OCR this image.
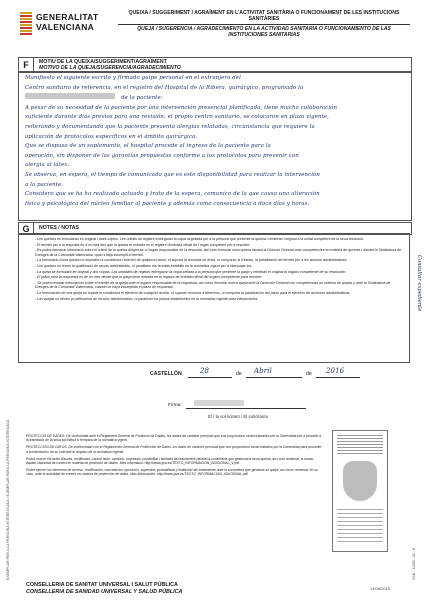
GENERALITAT
VALENCIANA
QUEIXA / SUGGERIMENT / AGRAÏMENT EN L'ACTIVITAT SANITÀRIA O FUNCIONAMENT DE LES INSTITUCIONS SANITÀRIES
QUEJA / SUGERENCIA / AGRADECIMIENTO EN LA ACTIVIDAD SANITARIA O FUNCIONAMIENTO DE LAS INSTITUCIONES SANITARIAS
F	MOTIU DE LA QUEIXA/SUGGERIMENT/AGRAÏMENT
MOTIVO DE LA QUEJA/SUGERENCIA/AGRADECIMIENTO
Manifiesto el siguiente escrito y firmado guipe personal en el extranjero del
Centro sanitario de referencia, en el registro del Hospital de la Ribera, quirúrgico, programado la
de la paciente:
A pesar de su necesidad de la paciente por una intervención presencial planificada, tiene mucha colaboración
suficiente durante días previos para una revisión, el propio centro sanitario, se colocaron en plazo vigente,
reiterando y documentando que la paciente presenta alergias relatadas, circunstancia que requiere la
aplicación de protocolos específicos en el ámbito quirúrgico.
Que se dispuso de un suplemento, el hospital procede al ingreso de la paciente para la
operación, sin disponer de las garantías propuestas conforme a los protocolos para prevenir con
alergia al látex.
Se observa, en espera, el tiempo de comunicado que es este disponibilidad para realizar la intervención
a la paciente.
Considero que se ha ha realizado actuado y trato de la espera, comunico de la que causa una alteración
física y psicológica del núcleo familiar al paciente y además como consecuencia a doce días y horas.
G	NOTES / NOTAS

- Les queixes es formularan en original i dues còpies. Les unitats de registre entregaran la còpia segellada per a la persona que presente la queixa i remetran l'original a la unitat competent de la seua resolució.

- El termini per a la resposta és d'un mes des que la queixa té entrada en el registre d'entrada oficial de l'òrgan competent per a resoldre.

- Es podrà demanar informació sobre el tràmit de la queixa dirigint-se a l'òrgan responsable de la resposta, així com formular nova queixa davant la Direcció General amb competències en matèria de queixes i davant la Sindicatura de Greuges de la Comunitat Valenciana, quan s'haja incomplit el termini.

- La formulació d'una queixa no impedeix ni condiciona l'exercici de qualsevol acció, ni suposa la renúncia de drets, ni comporta, si s'escau, la paralització del termini per a les accions administratives.

- Les queixes no tenen la qualificació de recurs administratiu, ni paralitzen els terminis establits en la normativa vigent per a interposar-los.

- La queja se formulará en original y dos copias. Las unidades de registro entregarán la copia sellada a la persona que presente la queja y remitirán el original al órgano competente de su resolución.

- El plazo para la respuesta es de un mes desde que la queja tiene entrada en el registro de entrada oficial del órgano competente para resolver.

- Se podrá recabar información sobre el trámite de la queja ante el órgano responsable de la respuesta, así como formular nueva queja ante la Dirección General con competencias en materia de quejas y ante la Sindicatura de Greuges de la Comunitat Valenciana, cuando se haya incumplido el plazo de respuesta.

- La formulación de una queja no impide ni condiciona el ejercicio de cualquier acción, ni supone renuncia a derechos, ni comporta la paralización del plazo para el ejercicio de acciones administrativas.

- Las quejas no tienen la calificación de recurso administrativo, ni paralizan los plazos establecidos en la normativa vigente para interponerlos.

CASTELLÓN	28	de Abril	de 2016
Firma:
El / la sol·licitant / El solicitante

PROTECCIÓ DE DADES. De conformitat amb el Reglament General de Protecció de Dades, les dades de caràcter personal que ens proporcione seran tractades per la Generalitat per a procedir a la tramitació de la seua sol·licitud a l'empara de la normativa vigent.

PROTECCIÓN DE DATOS. De conformidad con el Reglamento General de Protección de Datos, los datos de carácter personal que nos proporcione serán tratados por la Generalitat para proceder a la tramitación de su solicitud al amparo de la normativa vigente.

Podrà exercir els drets d'accés, rectificació, cancel·lació, oposició, supressió, portabilitat i limitació del tractament davant la conselleria que gestiona la seua queixa, així com reclamar, si escau, davant l'autoritat de control en matèria de protecció de dades. Més informació: http://www.gva.es/TEXTO_INFORMACION_ADICIONAL_V.pdf

Podrá ejercer los derechos de acceso, rectificación, cancelación, oposición, supresión, portabilidad y limitación del tratamiento ante la conselleria que gestiona su queja, así como reclamar, en su caso, ante la autoridad de control en materia de protección de datos. Más información: http://www.gva.es/TEXTO_INFORMACION_ADICIONAL.pdf

CONSELLERIA DE SANITAT UNIVERSAL I SALUT PÚBLICA
CONSELLERIA DE SANIDAD UNIVERSAL Y SALUD PÚBLICA
14/06/2015
EXEMPLAR PER A LA PERSONA INTERESSADA / EJEMPLAR PARA LA PERSONA INTERESADA	SAN - 16/05 - 02 - E
Consultar expediente
